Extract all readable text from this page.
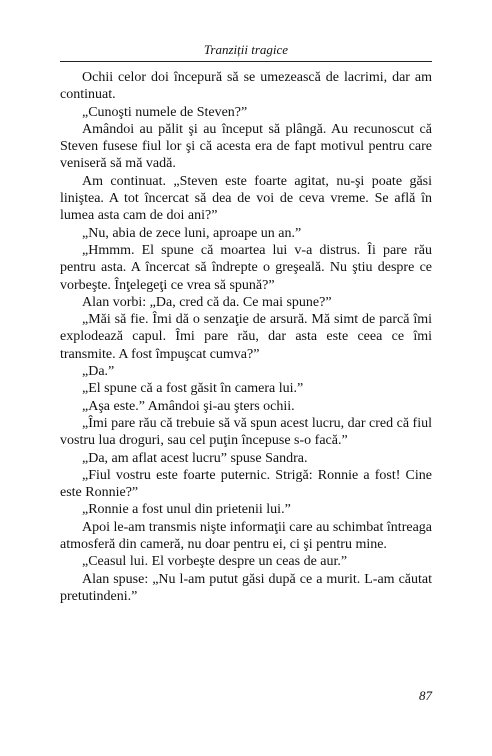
Tranziții tragice

Ochii celor doi începură să se umezească de lacrimi, dar am continuat.

„Cunoşti numele de Steven?”

Amândoi au pălit şi au început să plângă. Au recunoscut că Steven fusese fiul lor şi că acesta era de fapt motivul pentru care veniseră să mă vadă.

Am continuat. „Steven este foarte agitat, nu-şi poate găsi liniştea. A tot încercat să dea de voi de ceva vreme. Se află în lumea asta cam de doi ani?”

„Nu, abia de zece luni, aproape un an.”

„Hmmm. El spune că moartea lui v-a distrus. Îi pare rău pentru asta. A încercat să îndrepte o greşeală. Nu ştiu despre ce vorbeşte. Înţelegeţi ce vrea să spună?”

Alan vorbi: „Da, cred că da. Ce mai spune?”

„Măi să fie. Îmi dă o senzaţie de arsură. Mă simt de parcă îmi explodează capul. Îmi pare rău, dar asta este ceea ce îmi transmite. A fost împuşcat cumva?”

„Da.”

„El spune că a fost găsit în camera lui.”

„Aşa este.” Amândoi şi-au şters ochii.

„Îmi pare rău că trebuie să vă spun acest lucru, dar cred că fiul vostru lua droguri, sau cel puţin începuse s-o facă.”

„Da, am aflat acest lucru” spuse Sandra.

„Fiul vostru este foarte puternic. Strigă: Ronnie a fost! Cine este Ronnie?”

„Ronnie a fost unul din prietenii lui.”

Apoi le-am transmis nişte informaţii care au schimbat întreaga atmosferă din cameră, nu doar pentru ei, ci şi pentru mine.

„Ceasul lui. El vorbeşte despre un ceas de aur.”

Alan spuse: „Nu l-am putut găsi după ce a murit. L-am căutat pretutindeni.”

87
